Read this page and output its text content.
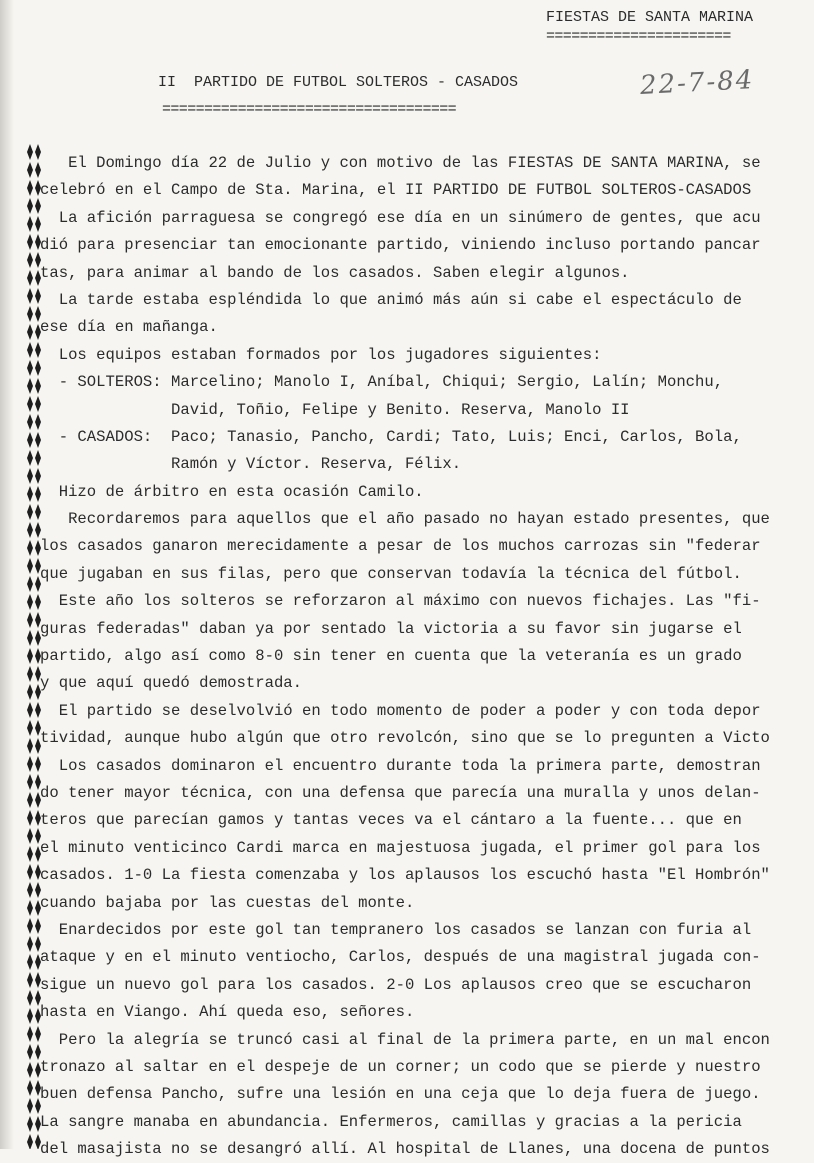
FIESTAS DE SANTA MARINA
======================
II  PARTIDO DE FUTBOL SOLTEROS - CASADOS
===================================
22-7-84
El Domingo día 22 de Julio y con motivo de las FIESTAS DE SANTA MARINA, se
celebró en el Campo de Sta. Marina, el II PARTIDO DE FUTBOL SOLTEROS-CASADOS
La afición parraguesa se congregó ese día en un sinúmero de gentes, que acu
dió para presenciar tan emocionante partido, viniendo incluso portando pancar
tas, para animar al bando de los casados. Saben elegir algunos.
La tarde estaba espléndida lo que animó más aún si cabe el espectáculo de
ese día en mañanga.
Los equipos estaban formados por los jugadores siguientes:
- SOLTEROS: Marcelino; Manolo I, Aníbal, Chiqui; Sergio, Lalín; Monchu,
David, Toñio, Felipe y Benito. Reserva, Manolo II
- CASADOS:  Paco; Tanasio, Pancho, Cardi; Tato, Luis; Enci, Carlos, Bola,
Ramón y Víctor. Reserva, Félix.
Hizo de árbitro en esta ocasión Camilo.
Recordaremos para aquellos que el año pasado no hayan estado presentes, que
los casados ganaron merecidamente a pesar de los muchos carrozas sin "federar
que jugaban en sus filas, pero que conservan todavía la técnica del fútbol.
Este año los solteros se reforzaron al máximo con nuevos fichajes. Las "fi-
guras federadas" daban ya por sentado la victoria a su favor sin jugarse el
partido, algo así como 8-0 sin tener en cuenta que la veteranía es un grado
y que aquí quedó demostrada.
El partido se deselvolvió en todo momento de poder a poder y con toda depor
tividad, aunque hubo algún que otro revolcón, sino que se lo pregunten a Victo
Los casados dominaron el encuentro durante toda la primera parte, demostran
do tener mayor técnica, con una defensa que parecía una muralla y unos delan-
teros que parecían gamos y tantas veces va el cántaro a la fuente... que en
el minuto venticinco Cardi marca en majestuosa jugada, el primer gol para los
casados. 1-0 La fiesta comenzaba y los aplausos los escuchó hasta "El Hombrón"
cuando bajaba por las cuestas del monte.
Enardecidos por este gol tan tempranero los casados se lanzan con furia al
ataque y en el minuto ventiocho, Carlos, después de una magistral jugada con-
sigue un nuevo gol para los casados. 2-0 Los aplausos creo que se escucharon
hasta en Viango. Ahí queda eso, señores.
Pero la alegría se truncó casi al final de la primera parte, en un mal encon
tronazo al saltar en el despeje de un corner; un codo que se pierde y nuestro
buen defensa Pancho, sufre una lesión en una ceja que lo deja fuera de juego.
La sangre manaba en abundancia. Enfermeros, camillas y gracias a la pericia
del masajista no se desangró allí. Al hospital de Llanes, una docena de puntos
